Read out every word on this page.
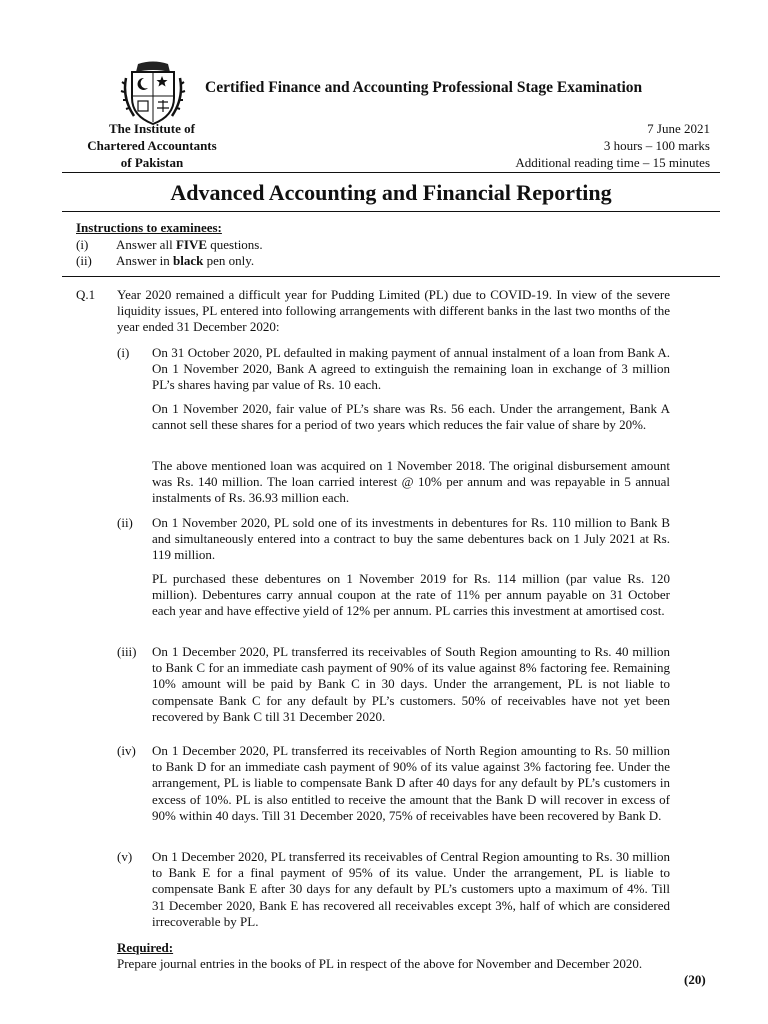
Certified Finance and Accounting Professional Stage Examination
The Institute of
Chartered Accountants
of Pakistan
7 June 2021
3 hours – 100 marks
Additional reading time – 15 minutes
Advanced Accounting and Financial Reporting
Instructions to examinees:
(i) Answer all FIVE questions.
(ii) Answer in black pen only.
Q.1 Year 2020 remained a difficult year for Pudding Limited (PL) due to COVID-19. In view of the severe liquidity issues, PL entered into following arrangements with different banks in the last two months of the year ended 31 December 2020:
(i) On 31 October 2020, PL defaulted in making payment of annual instalment of a loan from Bank A. On 1 November 2020, Bank A agreed to extinguish the remaining loan in exchange of 3 million PL’s shares having par value of Rs. 10 each.
On 1 November 2020, fair value of PL’s share was Rs. 56 each. Under the arrangement, Bank A cannot sell these shares for a period of two years which reduces the fair value of share by 20%.
The above mentioned loan was acquired on 1 November 2018. The original disbursement amount was Rs. 140 million. The loan carried interest @ 10% per annum and was repayable in 5 annual instalments of Rs. 36.93 million each.
(ii) On 1 November 2020, PL sold one of its investments in debentures for Rs. 110 million to Bank B and simultaneously entered into a contract to buy the same debentures back on 1 July 2021 at Rs. 119 million.
PL purchased these debentures on 1 November 2019 for Rs. 114 million (par value Rs. 120 million). Debentures carry annual coupon at the rate of 11% per annum payable on 31 October each year and have effective yield of 12% per annum. PL carries this investment at amortised cost.
(iii) On 1 December 2020, PL transferred its receivables of South Region amounting to Rs. 40 million to Bank C for an immediate cash payment of 90% of its value against 8% factoring fee. Remaining 10% amount will be paid by Bank C in 30 days. Under the arrangement, PL is not liable to compensate Bank C for any default by PL’s customers. 50% of receivables have not yet been recovered by Bank C till 31 December 2020.
(iv) On 1 December 2020, PL transferred its receivables of North Region amounting to Rs. 50 million to Bank D for an immediate cash payment of 90% of its value against 3% factoring fee. Under the arrangement, PL is liable to compensate Bank D after 40 days for any default by PL’s customers in excess of 10%. PL is also entitled to receive the amount that the Bank D will recover in excess of 90% within 40 days. Till 31 December 2020, 75% of receivables have been recovered by Bank D.
(v) On 1 December 2020, PL transferred its receivables of Central Region amounting to Rs. 30 million to Bank E for a final payment of 95% of its value. Under the arrangement, PL is liable to compensate Bank E after 30 days for any default by PL’s customers upto a maximum of 4%. Till 31 December 2020, Bank E has recovered all receivables except 3%, half of which are considered irrecoverable by PL.
Required:
Prepare journal entries in the books of PL in respect of the above for November and December 2020.
(20)
